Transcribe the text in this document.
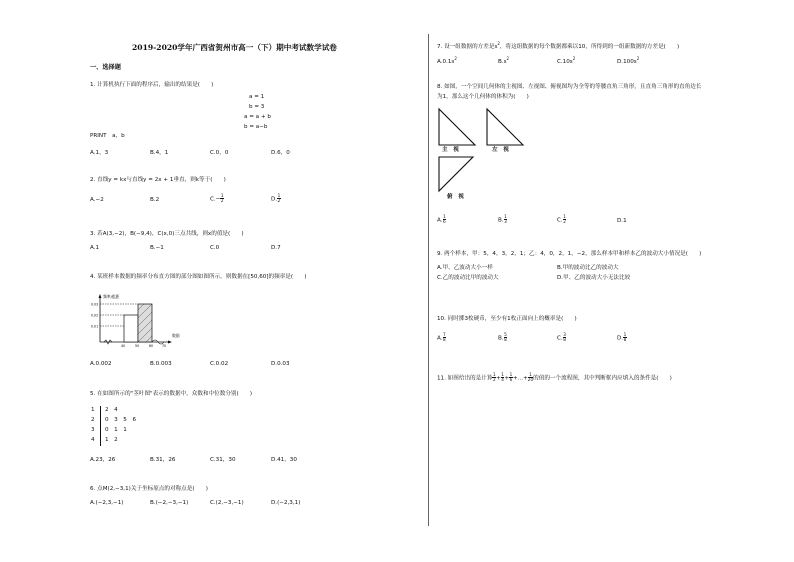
2019-2020学年广西省贺州市高一（下）期中考试数学试卷
一、选择题
1. 计算机执行下面的程序后，输出的结果是(　　)
a = 1
b = 3
a = a + b
b = a−b
PRINT　a，b
A.1，3	B.4，1	C.0，0	D.6，0
2. 直线y = kx与直线y = 2x + 1垂直，则k等于(　　)
A.−2	B.2	$C.- \frac{1}{2}$	D. $\frac{1}{2}$
3. 若A(3,−2)，B(−9,4)，C(x,0)三点共线，则x的值是(　　)
A.1	B.−1	C.0	D.7
4. 某班样本数据的频率分布直方图的部分图如图所示，则数据在[50,60]的频率是(　　)
频率/组距
0.03
0.02
0.01
40	50	60	70
数据
A.0.002	B.0.003	C.0.02	D.0.03
5. 在如图所示的"茎叶图"表示的数据中，众数和中位数分别(　　)
1 2　4
2 0　3　5　6
3 0　1　1
4 1　2
A.23，26	B.31，26	C.31，30	D.41，30
6. 点M(2,−3,1)关于坐标原点的对称点是(　　)
A.(−2,3,−1)	B.(−2,−3,−1)	C.(2,−3,−1)	D.(−2,3,1)
7. 设一组数据的方差是$s^2$，将这组数据的每个数据都乘以10，所得到的一组新数据的方差是(　　)
$A.0.1s^2$
$B.s^2$
$C.10s^2$
$D.100s^2$
8. 如图，一个空间几何体的主视图、左视图、俯视图均为全等的等腰直角三角形，且直角三角形的直角边长
为1，那么这个几何体的体积为(　　)
主　视	左　视
俯　视
A. $\frac{1}{6}$	B. $\frac{1}{3}$	C. $\frac{1}{2}$	D.1
9. 两个样本，甲：5，4，3，2，1；乙：4，0，2，1，−2，那么样本甲和样本乙的波动大小情况是(　　)
A.甲、乙波动大小一样	B.甲的波动比乙的波动大
C.乙的波动比甲的波动大	D.甲、乙的波动大小无法比较
10. 同时掷3枚硬币，至少有1枚正面向上的概率是(　　)
A. $\frac{7}{8}$	B. $\frac{5}{8}$	C. $\frac{3}{8}$	D. $\frac{1}{8}$
11. 如图给出的是计算 $\frac{1}{2} + \frac{1}{4} + \frac{1}{6}$ +…+ $\frac{1}{20}$ 的值的一个流程图，其中判断框内应填入的条件是(　　)
